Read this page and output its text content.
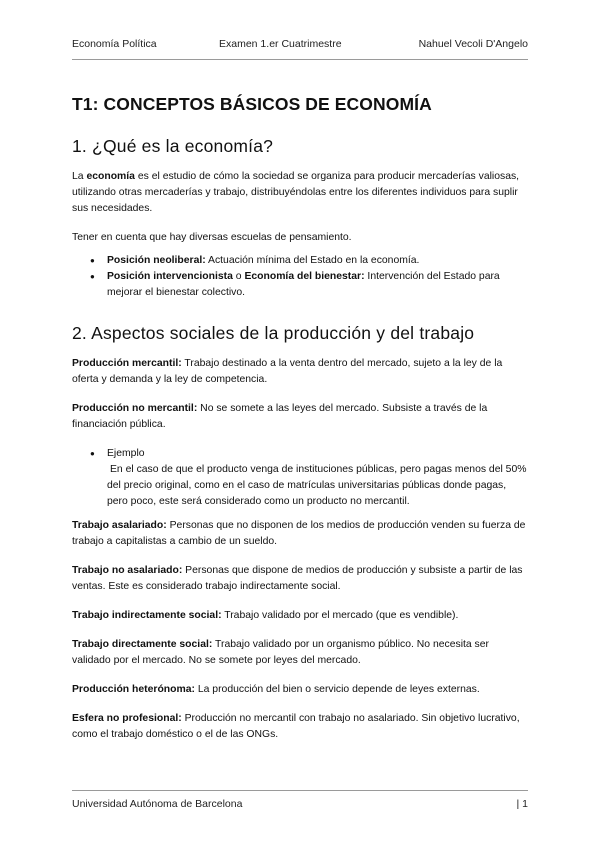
Economía Política	Examen 1.er Cuatrimestre	Nahuel Vecoli D'Angelo
T1: CONCEPTOS BÁSICOS DE ECONOMÍA
1. ¿Qué es la economía?

La economía es el estudio de cómo la sociedad se organiza para producir mercaderías valiosas, utilizando otras mercaderías y trabajo, distribuyéndolas entre los diferentes individuos para suplir sus necesidades.

Tener en cuenta que hay diversas escuelas de pensamiento.

● Posición neoliberal: Actuación mínima del Estado en la economía.
● Posición intervencionista o Economía del bienestar: Intervención del Estado para mejorar el bienestar colectivo.
2. Aspectos sociales de la producción y del trabajo

Producción mercantil: Trabajo destinado a la venta dentro del mercado, sujeto a la ley de la oferta y demanda y la ley de competencia.

Producción no mercantil: No se somete a las leyes del mercado. Subsiste a través de la financiación pública.

● Ejemplo
En el caso de que el producto venga de instituciones públicas, pero pagas menos del 50% del precio original, como en el caso de matrículas universitarias públicas donde pagas, pero poco, este será considerado como un producto no mercantil.

Trabajo asalariado: Personas que no disponen de los medios de producción venden su fuerza de trabajo a capitalistas a cambio de un sueldo.

Trabajo no asalariado: Personas que dispone de medios de producción y subsiste a partir de las ventas. Este es considerado trabajo indirectamente social.

Trabajo indirectamente social: Trabajo validado por el mercado (que es vendible).

Trabajo directamente social: Trabajo validado por un organismo público. No necesita ser validado por el mercado. No se somete por leyes del mercado.

Producción heterónoma: La producción del bien o servicio depende de leyes externas.

Esfera no profesional: Producción no mercantil con trabajo no asalariado. Sin objetivo lucrativo, como el trabajo doméstico o el de las ONGs.

Universidad Autónoma de Barcelona	| 1
